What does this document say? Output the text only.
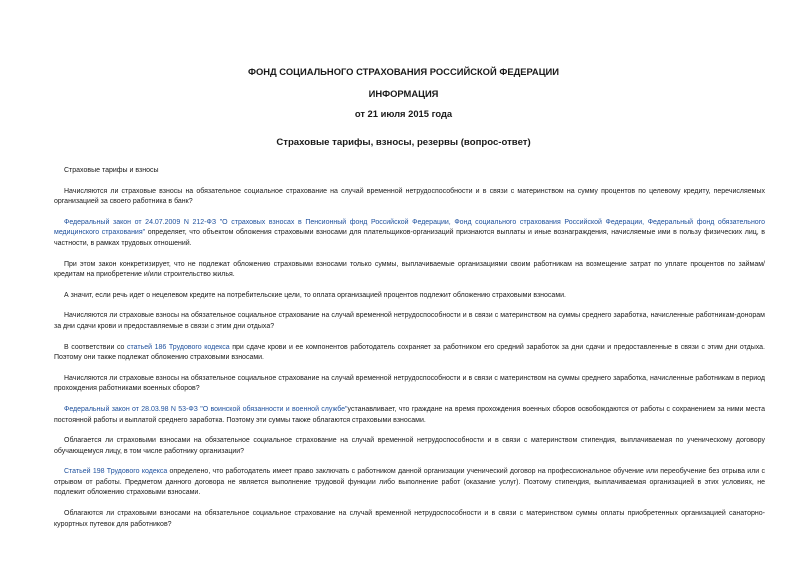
ФОНД СОЦИАЛЬНОГО СТРАХОВАНИЯ РОССИЙСКОЙ ФЕДЕРАЦИИ
ИНФОРМАЦИЯ
от 21 июля 2015 года
Страховые тарифы, взносы, резервы (вопрос-ответ)

Страховые тарифы и взносы

Начисляются ли страховые взносы на обязательное социальное страхование на случай временной нетрудоспособности и в связи с материнством на сумму процентов по целевому кредиту, перечисляемых организацией за своего работника в банк?

Федеральный закон от 24.07.2009 N 212-ФЗ "О страховых взносах в Пенсионный фонд Российской Федерации, Фонд социального страхования Российской Федерации, Федеральный фонд обязательного медицинского страхования" определяет, что объектом обложения страховыми взносами для плательщиков-организаций признаются выплаты и иные вознаграждения, начисляемые ими в пользу физических лиц, в частности, в рамках трудовых отношений.

При этом закон конкретизирует, что не подлежат обложению страховыми взносами только суммы, выплачиваемые организациями своим работникам на возмещение затрат по уплате процентов по займам/кредитам на приобретение и/или строительство жилья.

А значит, если речь идет о нецелевом кредите на потребительские цели, то оплата организацией процентов подлежит обложению страховыми взносами.

Начисляются ли страховые взносы на обязательное социальное страхование на случай временной нетрудоспособности и в связи с материнством на суммы среднего заработка, начисленные работникам-донорам за дни сдачи крови и предоставляемые в связи с этим дни отдыха?

В соответствии со статьей 186 Трудового кодекса при сдаче крови и ее компонентов работодатель сохраняет за работником его средний заработок за дни сдачи и предоставленные в связи с этим дни отдыха. Поэтому они также подлежат обложению страховыми взносами.

Начисляются ли страховые взносы на обязательное социальное страхование на случай временной нетрудоспособности и в связи с материнством на суммы среднего заработка, начисленные работникам в период прохождения работниками военных сборов?

Федеральный закон от 28.03.98 N 53-ФЗ "О воинской обязанности и военной службе"устанавливает, что граждане на время прохождения военных сборов освобождаются от работы с сохранением за ними места постоянной работы и выплатой среднего заработка. Поэтому эти суммы также облагаются страховыми взносами.

Облагается ли страховыми взносами на обязательное социальное страхование на случай временной нетрудоспособности и в связи с материнством стипендия, выплачиваемая по ученическому договору обучающемуся лицу, в том числе работнику организации?

Статьей 198 Трудового кодекса определено, что работодатель имеет право заключать с работником данной организации ученический договор на профессиональное обучение или переобучение без отрыва или с отрывом от работы. Предметом данного договора не является выполнение трудовой функции либо выполнение работ (оказание услуг). Поэтому стипендия, выплачиваемая организацией в этих условиях, не подлежит обложению страховыми взносами.

Облагаются ли страховыми взносами на обязательное социальное страхование на случай временной нетрудоспособности и в связи с материнством суммы оплаты приобретенных организацией санаторно-курортных путевок для работников?
